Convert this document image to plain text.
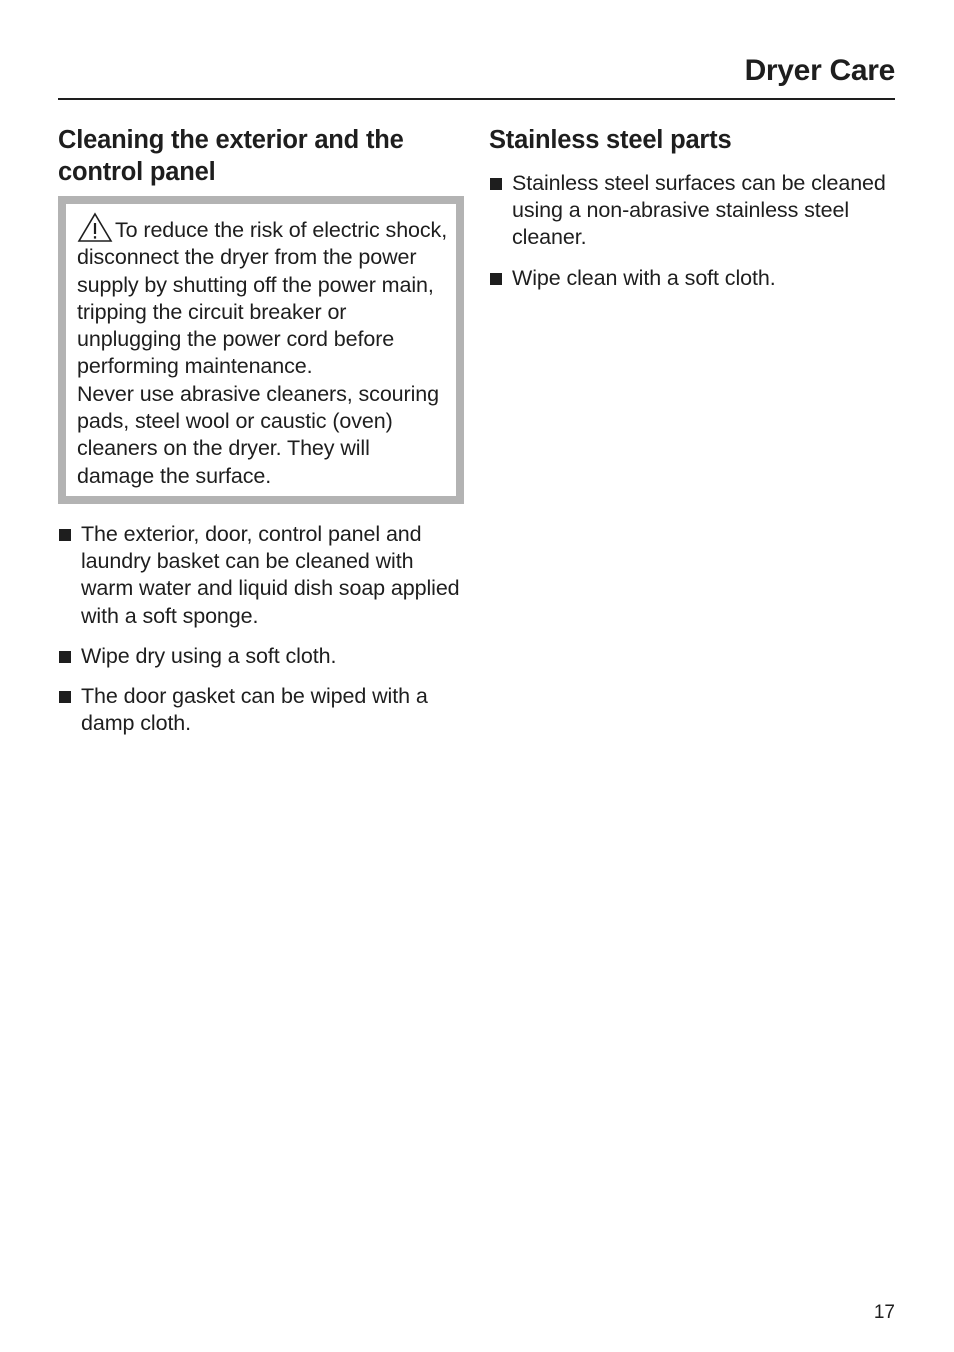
Dryer Care
Cleaning the exterior and the control panel

To reduce the risk of electric shock, disconnect the dryer from the power supply by shutting off the power main, tripping the circuit breaker or unplugging the power cord before performing maintenance.

Never use abrasive cleaners, scouring pads, steel wool or caustic (oven) cleaners on the dryer. They will damage the surface.

The exterior, door, control panel and laundry basket can be cleaned with warm water and liquid dish soap applied with a soft sponge.
Wipe dry using a soft cloth.
The door gasket can be wiped with a damp cloth.
Stainless steel parts
Stainless steel surfaces can be cleaned using a non-abrasive stainless steel cleaner.
Wipe clean with a soft cloth.
17
